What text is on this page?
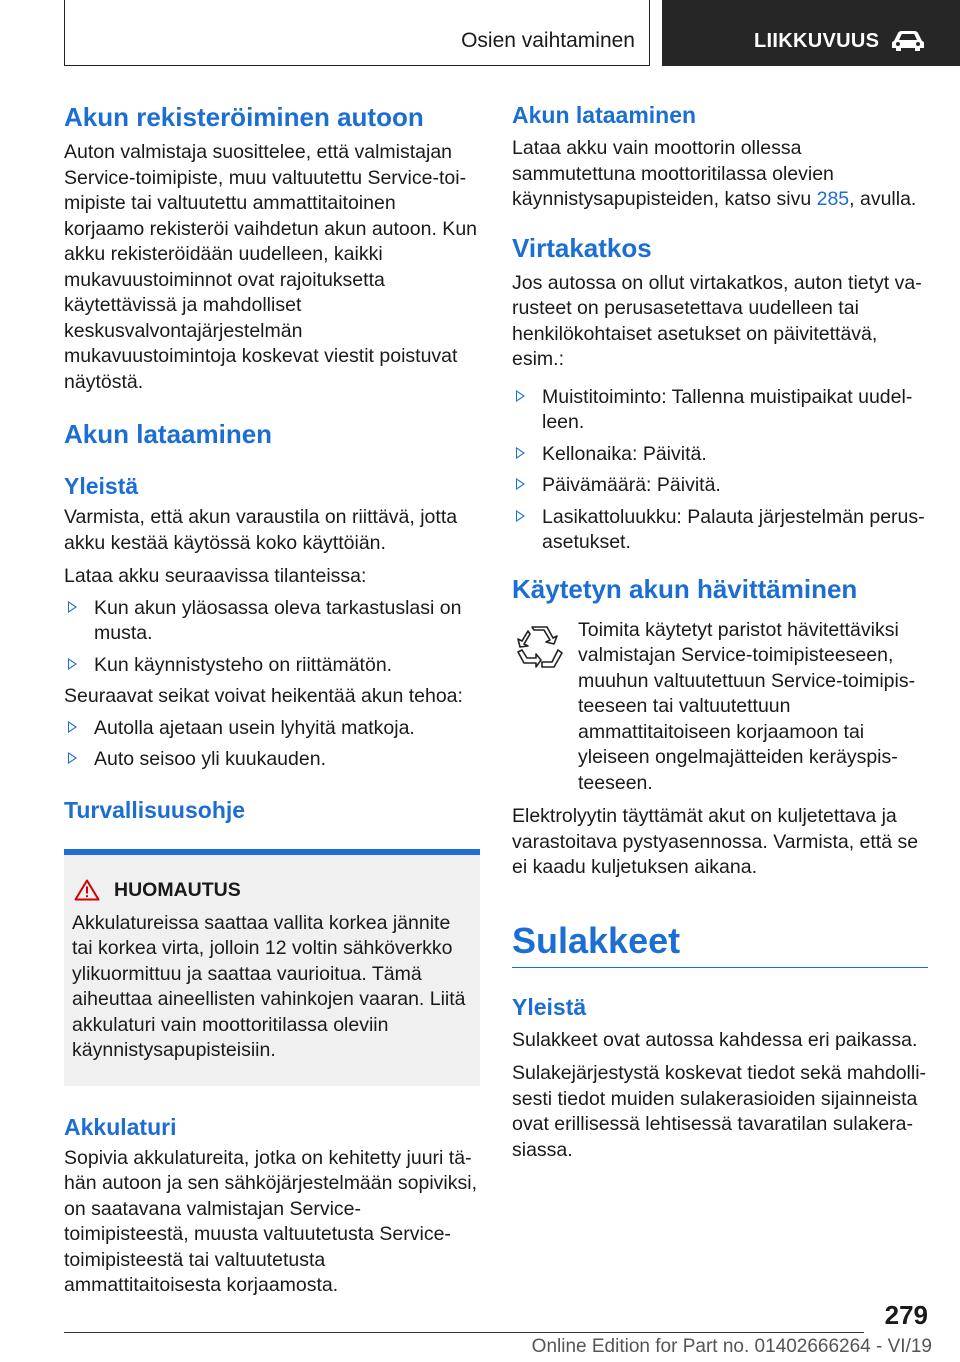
Osien vaihtaminen	LIIKKUVUUS
Akun rekisteröiminen autoon
Auton valmistaja suosittelee, että valmistajan Service-toimipiste, muu valtuutettu Service-toimipiste tai valtuutettu ammattitaitoinen korjaamo rekisteröi vaihdetun akun autoon. Kun akku rekisteröidään uudelleen, kaikki mukavuustoiminnot ovat rajoituksetta käytettävissä ja mahdolliset keskusvalvontajärjestelmän mukavuustoimintoja koskevat viestit poistuvat näytöstä.
Akun lataaminen
Yleistä
Varmista, että akun varaustila on riittävä, jotta akku kestää käytössä koko käyttöiän.
Lataa akku seuraavissa tilanteissa:
Kun akun yläosassa oleva tarkastuslasi on musta.
Kun käynnistysteho on riittämätön.
Seuraavat seikat voivat heikentää akun tehoa:
Autolla ajetaan usein lyhyitä matkoja.
Auto seisoo yli kuukauden.
Turvallisuusohje
HUOMAUTUS
Akkulatureissa saattaa vallita korkea jännite tai korkea virta, jolloin 12 voltin sähköverkko ylikuormittuu ja saattaa vaurioitua. Tämä aiheuttaa aineellisten vahinkojen vaaran. Liitä akkulaturi vain moottoritilassa oleviin käynnistysapupisteisiin.
Akkulaturi
Sopivia akkulatureita, jotka on kehitetty juuri tähän autoon ja sen sähköjärjestelmään sopiviksi, on saatavana valmistajan Service-toimipisteestä, muusta valtuutetusta Service-toimipisteestä tai valtuutetusta ammattitaitoisesta korjaamosta.
Akun lataaminen
Lataa akku vain moottorin ollessa sammutettuna moottoritilassa olevien käynnistysapupisteiden, katso sivu 285, avulla.
Virtakatkos
Jos autossa on ollut virtakatkos, auton tietyt varusteet on perusasetettava uudelleen tai henkilökohtaiset asetukset on päivitettävä, esim.:
Muistitoiminto: Tallenna muistipaikat uudelleen.
Kellonaika: Päivitä.
Päivämäärä: Päivitä.
Lasikattoluukku: Palauta järjestelmän perusasetukset.
Käytetyn akun hävittäminen
Toimita käytetyt paristot hävitettäviksi valmistajan Service-toimipisteeseen, muuhun valtuutettuun Service-toimipisteeseen tai valtuutettuun ammattitaitoiseen korjaamoon tai yleiseen ongelmajätteiden keräyspisteeseen.
Elektrolyytin täyttämät akut on kuljetettava ja varastoitava pystyasennossa. Varmista, että se ei kaadu kuljetuksen aikana.
Sulakkeet
Yleistä
Sulakkeet ovat autossa kahdessa eri paikassa.
Sulakejärjestystä koskevat tiedot sekä mahdollisesti tiedot muiden sulakerasioiden sijainneista ovat erillisessä lehtisessä tavaratilan sulakerasiassa.
279
Online Edition for Part no. 01402666264 - VI/19
